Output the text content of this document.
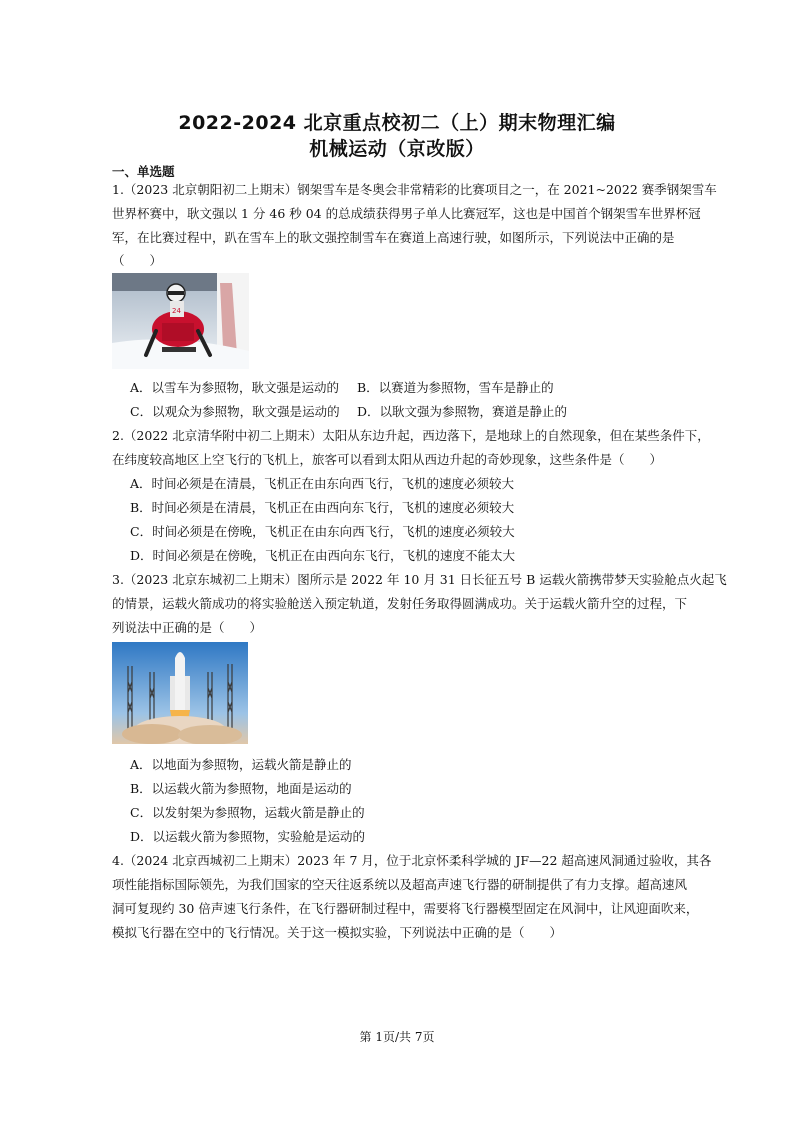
2022-2024 北京重点校初二（上）期末物理汇编
机械运动（京改版）
一、单选题
1.（2023 北京朝阳初二上期末）钢架雪车是冬奥会非常精彩的比赛项目之一，在 2021~2022 赛季钢架雪车
世界杯赛中，耿文强以 1 分 46 秒 04 的总成绩获得男子单人比赛冠军，这也是中国首个钢架雪车世界杯冠
军，在比赛过程中，趴在雪车上的耿文强控制雪车在赛道上高速行驶，如图所示，下列说法中正确的是
（　　）
24
A．以雪车为参照物，耿文强是运动的 B．以赛道为参照物，雪车是静止的
C．以观众为参照物，耿文强是运动的 D．以耿文强为参照物，赛道是静止的
2.（2022 北京清华附中初二上期末）太阳从东边升起，西边落下，是地球上的自然现象，但在某些条件下，
在纬度较高地区上空飞行的飞机上，旅客可以看到太阳从西边升起的奇妙现象，这些条件是（　　）
A．时间必须是在清晨，飞机正在由东向西飞行，飞机的速度必须较大
B．时间必须是在清晨，飞机正在由西向东飞行，飞机的速度必须较大
C．时间必须是在傍晚，飞机正在由东向西飞行，飞机的速度必须较大
D．时间必须是在傍晚，飞机正在由西向东飞行，飞机的速度不能太大
3.（2023 北京东城初二上期末）图所示是 2022 年 10 月 31 日长征五号 B 运载火箭携带梦天实验舱点火起飞
的情景，运载火箭成功的将实验舱送入预定轨道，发射任务取得圆满成功。关于运载火箭升空的过程，下
列说法中正确的是（　　）
A．以地面为参照物，运载火箭是静止的
B．以运载火箭为参照物，地面是运动的
C．以发射架为参照物，运载火箭是静止的
D．以运载火箭为参照物，实验舱是运动的
4.（2024 北京西城初二上期末）2023 年 7 月，位于北京怀柔科学城的 JF—22 超高速风洞通过验收，其各
项性能指标国际领先，为我们国家的空天往返系统以及超高声速飞行器的研制提供了有力支撑。超高速风
洞可复现约 30 倍声速飞行条件，在飞行器研制过程中，需要将飞行器模型固定在风洞中，让风迎面吹来，
模拟飞行器在空中的飞行情况。关于这一模拟实验，下列说法中正确的是（　　）
第 1页/共 7页
